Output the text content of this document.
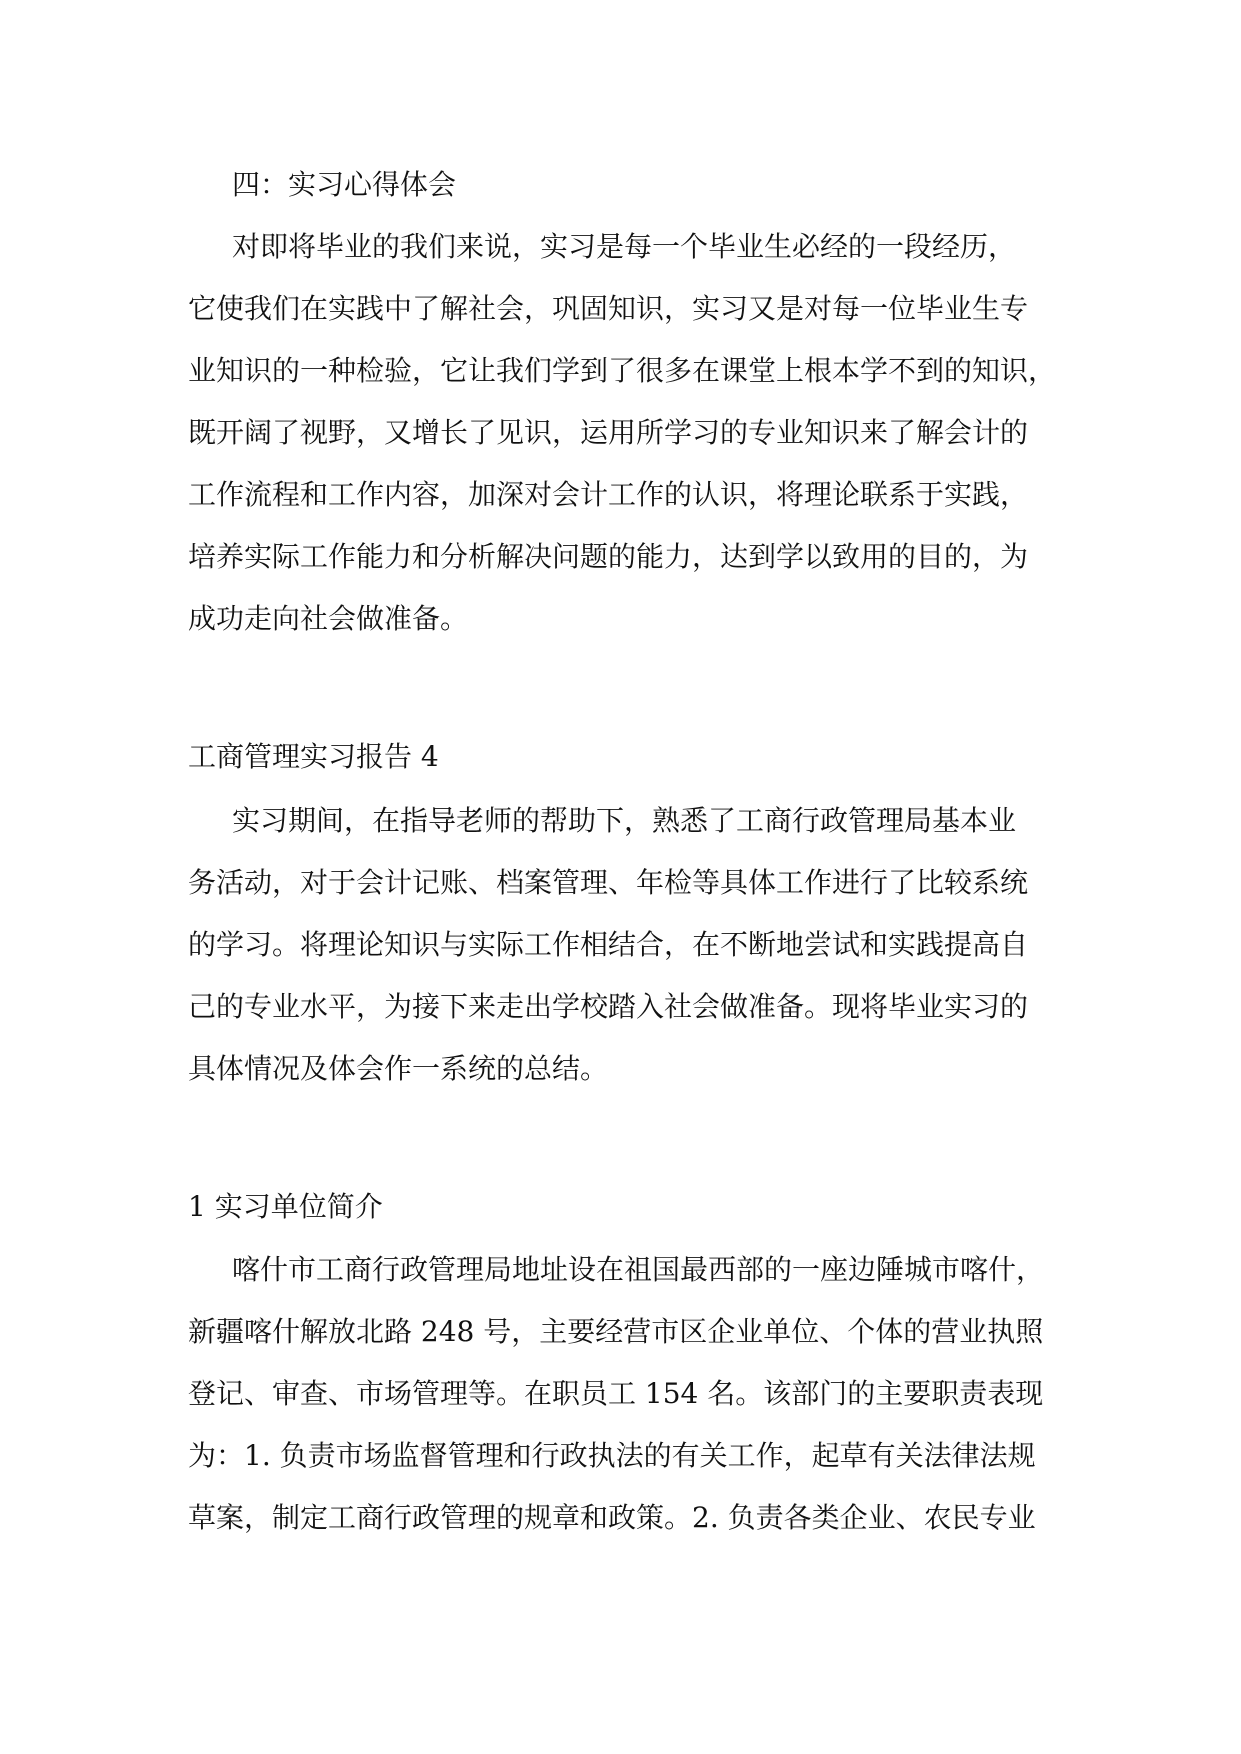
四：实习心得体会
对即将毕业的我们来说，实习是每一个毕业生必经的一段经历，
它使我们在实践中了解社会，巩固知识，实习又是对每一位毕业生专
业知识的一种检验，它让我们学到了很多在课堂上根本学不到的知识，
既开阔了视野，又增长了见识，运用所学习的专业知识来了解会计的
工作流程和工作内容，加深对会计工作的认识，将理论联系于实践，
培养实际工作能力和分析解决问题的能力，达到学以致用的目的，为
成功走向社会做准备。
工商管理实习报告 4
实习期间，在指导老师的帮助下，熟悉了工商行政管理局基本业
务活动，对于会计记账、档案管理、年检等具体工作进行了比较系统
的学习。将理论知识与实际工作相结合，在不断地尝试和实践提高自
己的专业水平，为接下来走出学校踏入社会做准备。现将毕业实习的
具体情况及体会作一系统的总结。
1 实习单位简介
喀什市工商行政管理局地址设在祖国最西部的一座边陲城市喀什，
新疆喀什解放北路 248 号，主要经营市区企业单位、个体的营业执照
登记、审查、市场管理等。在职员工 154 名。该部门的主要职责表现
为：1. 负责市场监督管理和行政执法的有关工作，起草有关法律法规
草案，制定工商行政管理的规章和政策。2. 负责各类企业、农民专业
